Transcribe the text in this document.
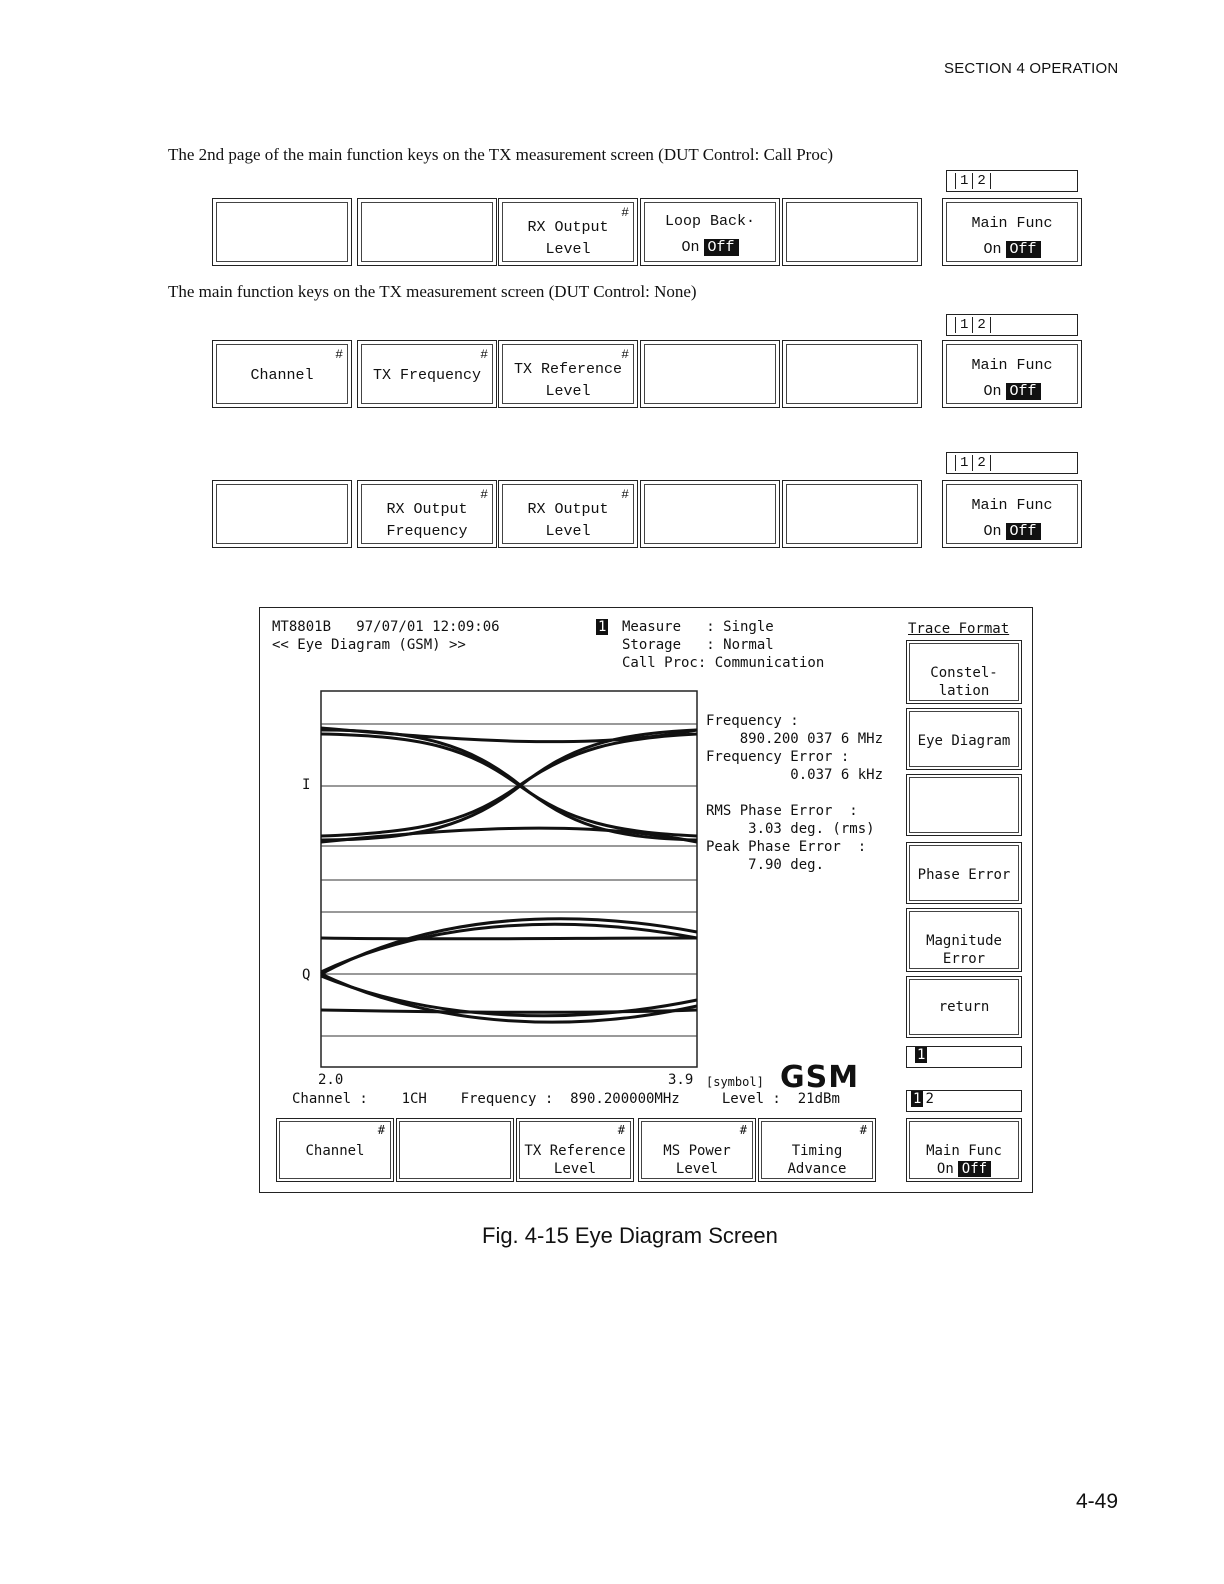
SECTION 4 OPERATION
The 2nd page of the main function keys on the TX measurement screen (DUT Control: Call Proc)
1 2
#
RX Output
Level
Loop Back·
On Off
Main Func
On Off
The main function keys on the TX measurement screen (DUT Control: None)
1 2
#
Channel
#
TX Frequency
#
TX Reference
Level
Main Func
On Off
1 2
#
RX Output
Frequency
#
RX Output
Level
Main Func
On Off
MT8801B   97/07/01 12:09:06
<< Eye Diagram (GSM) >>
1 Measure   : Single
Storage   : Normal
Call Proc: Communication
Trace Format
I
Q
2.0	3.9 [symbol] GSM
Frequency :
890.200 037 6 MHz
Frequency Error :
0.037 6 kHz
RMS Phase Error  :
3.03 deg. (rms)
Peak Phase Error  :
7.90 deg.
Constel-
lation
Eye Diagram
Phase Error
Magnitude
Error
return
1
Channel :    1CH    Frequency :  890.200000MHz     Level :  21dBm	1 2
#
Channel
#
TX Reference
Level
#
MS Power
Level
#
Timing
Advance
Main Func
On Off
Fig. 4-15 Eye Diagram Screen
4-49
